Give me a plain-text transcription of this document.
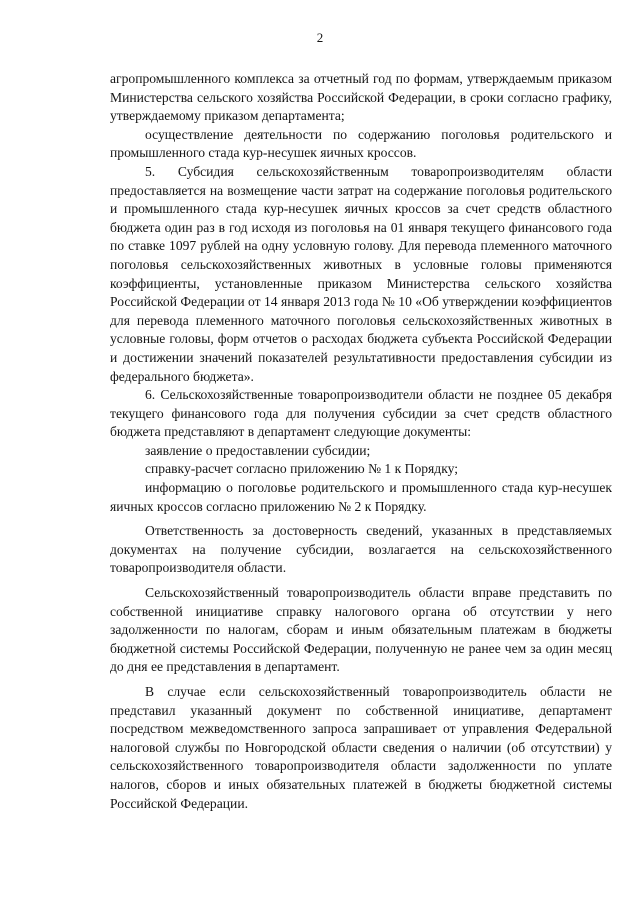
2

агропромышленного комплекса за отчетный год по формам, утверждаемым приказом Министерства сельского хозяйства Российской Федерации, в сроки согласно графику, утверждаемому приказом департамента;

осуществление деятельности по содержанию поголовья родительского и промышленного стада кур-несушек яичных кроссов.

5. Субсидия сельскохозяйственным товаропроизводителям области предоставляется на возмещение части затрат на содержание поголовья родительского и промышленного стада кур-несушек яичных кроссов за счет средств областного бюджета один раз в год исходя из поголовья на 01 января текущего финансового года по ставке 1097 рублей на одну условную голову. Для перевода племенного маточного поголовья сельскохозяйственных животных в условные головы применяются коэффициенты, установленные приказом Министерства сельского хозяйства Российской Федерации от 14 января 2013 года № 10 «Об утверждении коэффициентов для перевода племенного маточного поголовья сельскохозяйственных животных в условные головы, форм отчетов о расходах бюджета субъекта Российской Федерации и достижении значений показателей результативности предоставления субсидии из федерального бюджета».

6. Сельскохозяйственные товаропроизводители области не позднее 05 декабря текущего финансового года для получения субсидии за счет средств областного бюджета представляют в департамент следующие документы:

заявление о предоставлении субсидии;

справку-расчет согласно приложению № 1 к Порядку;

информацию о поголовье родительского и промышленного стада кур-несушек яичных кроссов согласно приложению № 2 к Порядку.

Ответственность за достоверность сведений, указанных в представляемых документах на получение субсидии, возлагается на сельскохозяйственного товаропроизводителя области.

Сельскохозяйственный товаропроизводитель области вправе представить по собственной инициативе справку налогового органа об отсутствии у него задолженности по налогам, сборам и иным обязательным платежам в бюджеты бюджетной системы Российской Федерации, полученную не ранее чем за один месяц до дня ее представления в департамент.

В случае если сельскохозяйственный товаропроизводитель области не представил указанный документ по собственной инициативе, департамент посредством межведомственного запроса запрашивает от управления Федеральной налоговой службы по Новгородской области сведения о наличии (об отсутствии) у сельскохозяйственного товаропроизводителя области задолженности по уплате налогов, сборов и иных обязательных платежей в бюджеты бюджетной системы Российской Федерации.
